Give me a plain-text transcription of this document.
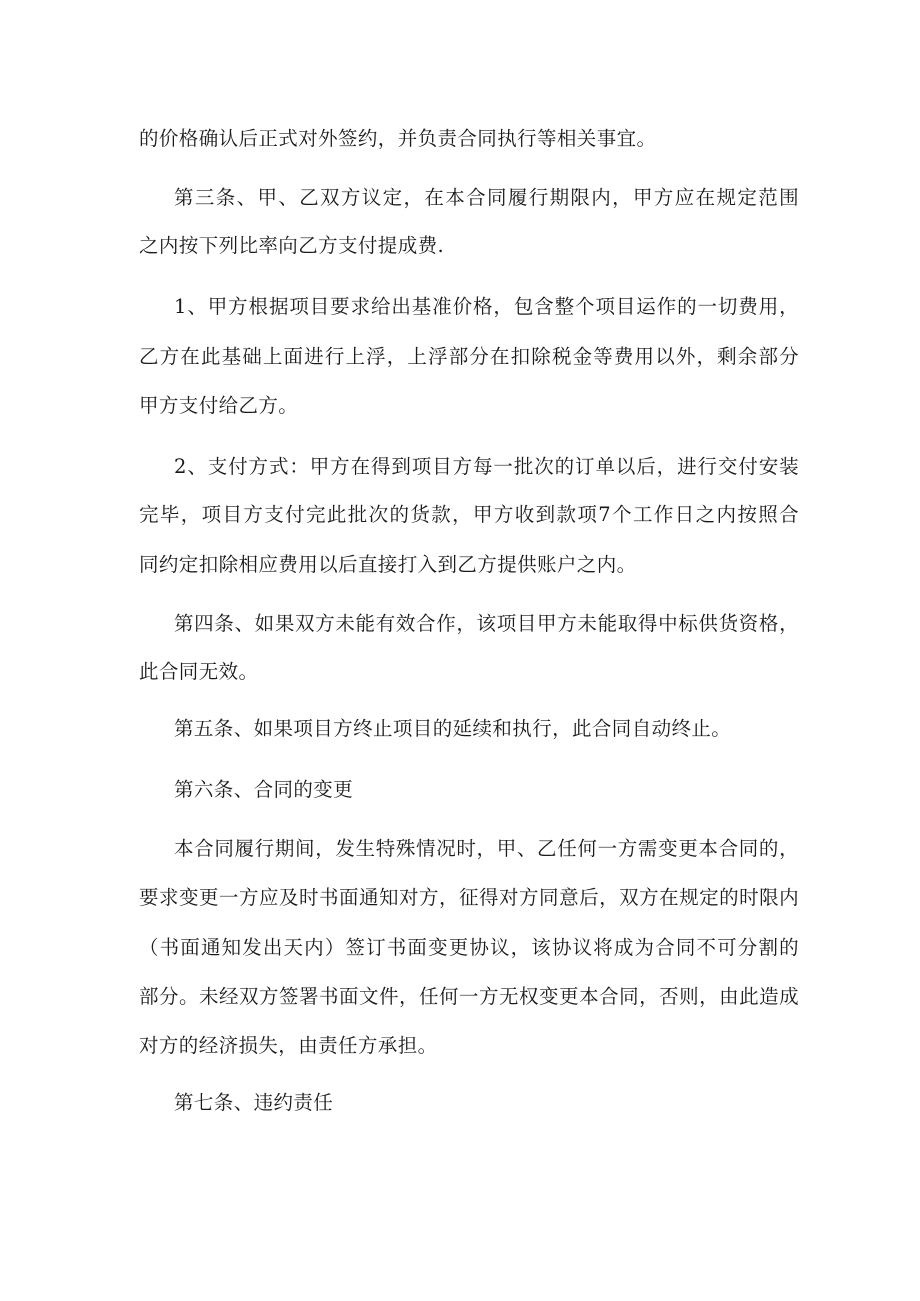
的价格确认后正式对外签约，并负责合同执行等相关事宜。

第三条、甲、乙双方议定，在本合同履行期限内，甲方应在规定范围

之内按下列比率向乙方支付提成费.

1、甲方根据项目要求给出基准价格，包含整个项目运作的一切费用，

乙方在此基础上面进行上浮，上浮部分在扣除税金等费用以外，剩余部分

甲方支付给乙方。

2、支付方式：甲方在得到项目方每一批次的订单以后，进行交付安装

完毕，项目方支付完此批次的货款，甲方收到款项7个工作日之内按照合

同约定扣除相应费用以后直接打入到乙方提供账户之内。

第四条、如果双方未能有效合作，该项目甲方未能取得中标供货资格，

此合同无效。

第五条、如果项目方终止项目的延续和执行，此合同自动终止。

第六条、合同的变更

本合同履行期间，发生特殊情况时，甲、乙任何一方需变更本合同的，

要求变更一方应及时书面通知对方，征得对方同意后，双方在规定的时限内

（书面通知发出天内）签订书面变更协议，该协议将成为合同不可分割的

部分。未经双方签署书面文件，任何一方无权变更本合同，否则，由此造成

对方的经济损失，由责任方承担。

第七条、违约责任
